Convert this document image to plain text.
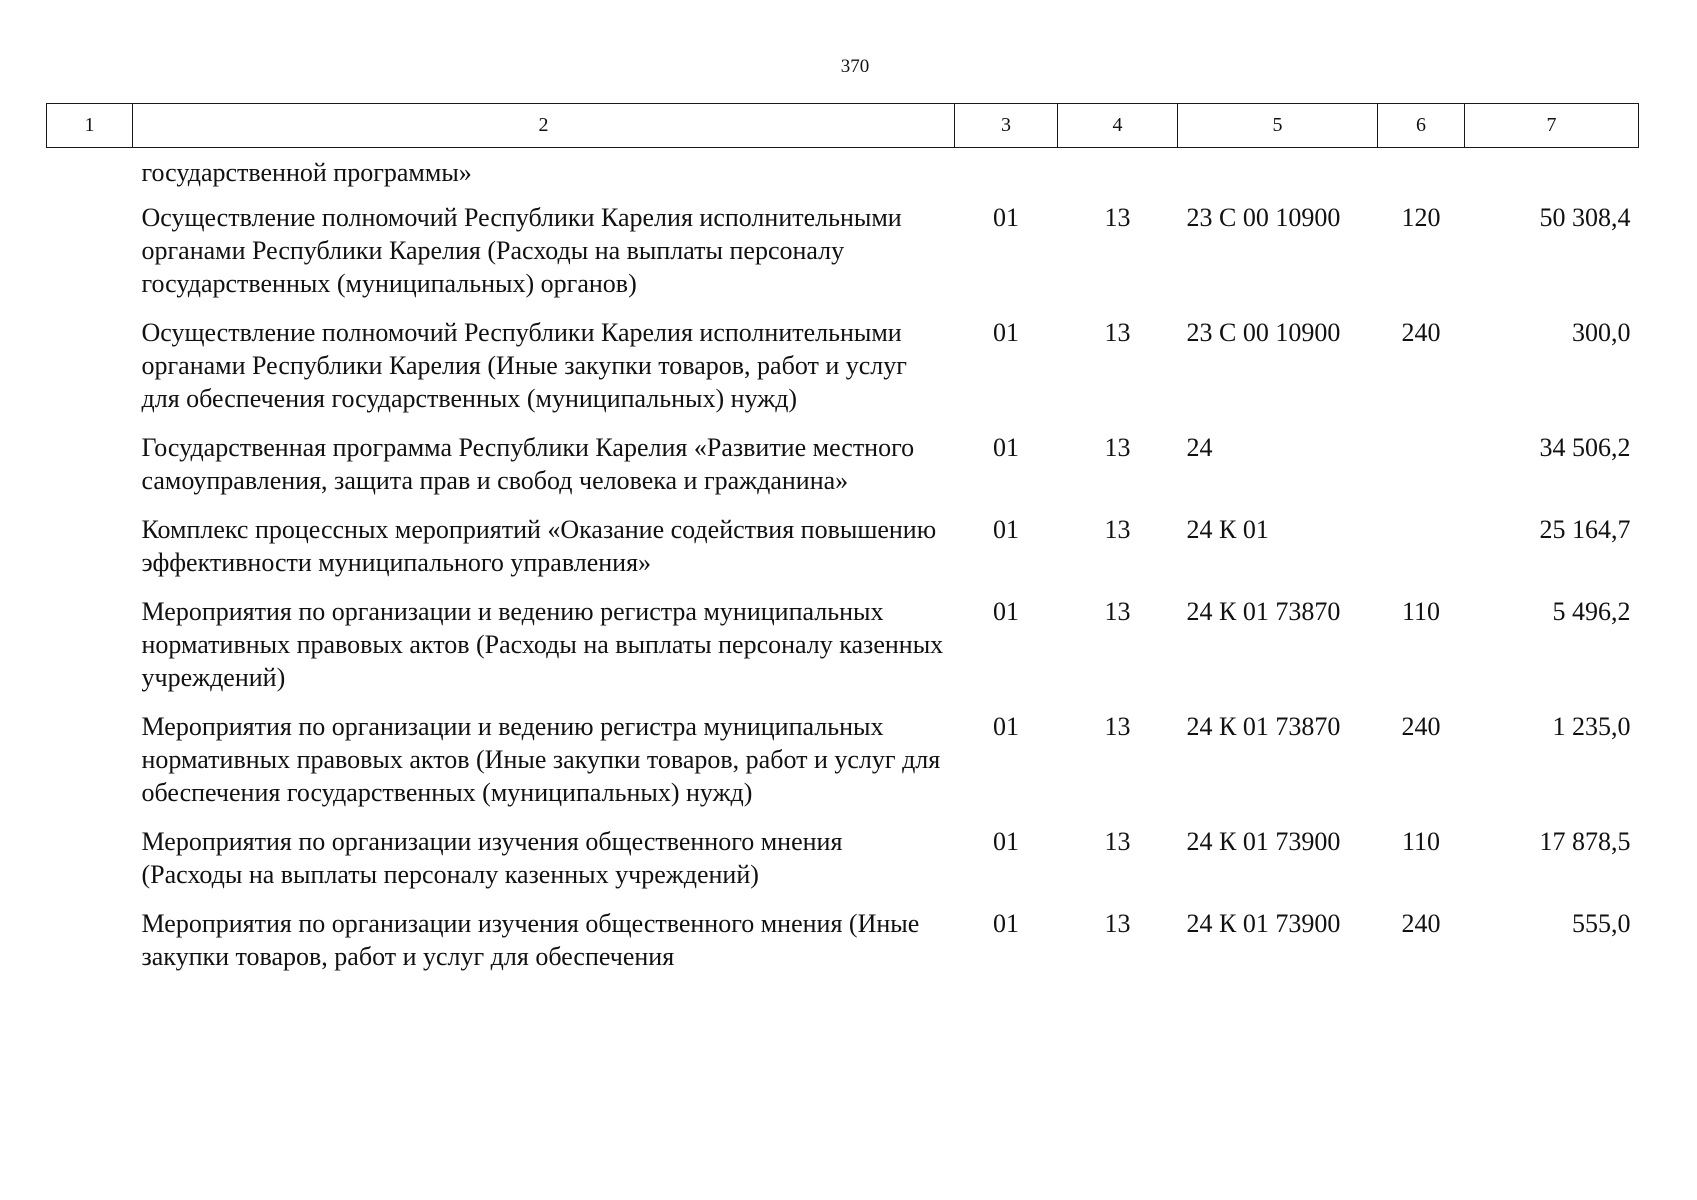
370
1	2	3	4	5	6	7
	государственной программы»					
	Осуществление полномочий Республики Карелия исполнительными органами Республики Карелия (Расходы на выплаты персоналу государственных (муниципальных) органов)	01	13	23 С 00 10900	120	50 308,4
	Осуществление полномочий Республики Карелия исполнительными органами Республики Карелия (Иные закупки товаров, работ и услуг для обеспечения государственных (муниципальных) нужд)	01	13	23 С 00 10900	240	300,0
	Государственная программа Республики Карелия «Развитие местного самоуправления, защита прав и свобод человека и гражданина»	01	13	24		34 506,2
	Комплекс процессных мероприятий «Оказание содействия повышению эффективности муниципального управления»	01	13	24 К 01		25 164,7
	Мероприятия по организации и ведению регистра муниципальных нормативных правовых актов (Расходы на выплаты персоналу казенных учреждений)	01	13	24 К 01 73870	110	5 496,2
	Мероприятия по организации и ведению регистра муниципальных нормативных правовых актов (Иные закупки товаров, работ и услуг для обеспечения государственных (муниципальных) нужд)	01	13	24 К 01 73870	240	1 235,0
	Мероприятия по организации изучения общественного мнения (Расходы на выплаты персоналу казенных учреждений)	01	13	24 К 01 73900	110	17 878,5
	Мероприятия по организации изучения общественного мнения (Иные закупки товаров, работ и услуг для обеспечения	01	13	24 К 01 73900	240	555,0
